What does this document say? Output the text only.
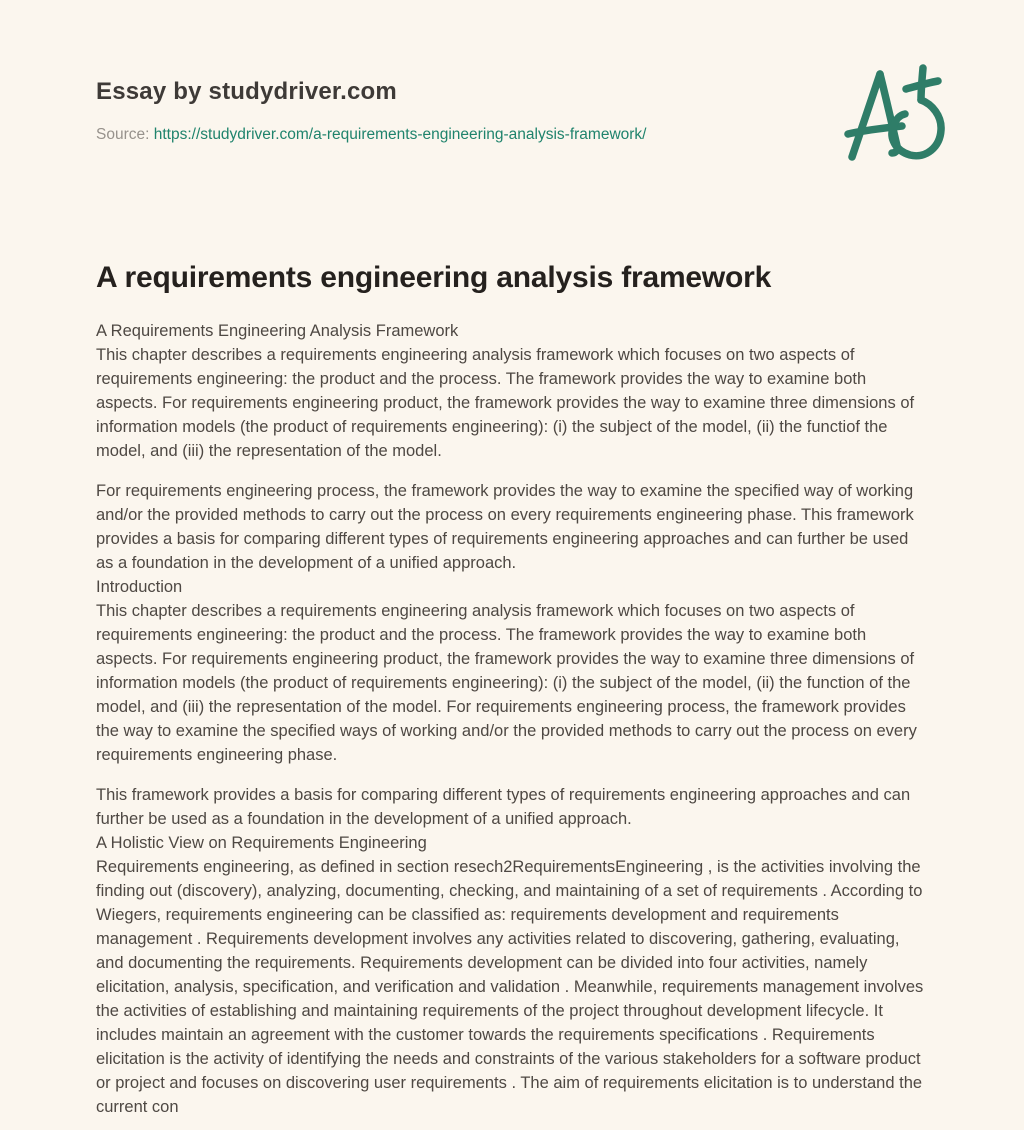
Essay by studydriver.com

Source: https://studydriver.com/a-requirements-engineering-analysis-framework/

A requirements engineering analysis framework

A Requirements Engineering Analysis Framework

This chapter describes a requirements engineering analysis framework which focuses on two aspects of requirements engineering: the product and the process. The framework provides the way to examine both aspects. For requirements engineering product, the framework provides the way to examine three dimensions of information models (the product of requirements engineering): (i) the subject of the model, (ii) the functiof the model, and (iii) the representation of the model.

For requirements engineering process, the framework provides the way to examine the specified way of working and/or the provided methods to carry out the process on every requirements engineering phase. This framework provides a basis for comparing different types of requirements engineering approaches and can further be used as a foundation in the development of a unified approach.

Introduction

This chapter describes a requirements engineering analysis framework which focuses on two aspects of requirements engineering: the product and the process. The framework provides the way to examine both aspects. For requirements engineering product, the framework provides the way to examine three dimensions of information models (the product of requirements engineering): (i) the subject of the model, (ii) the function of the model, and (iii) the representation of the model. For requirements engineering process, the framework provides the way to examine the specified ways of working and/or the provided methods to carry out the process on every requirements engineering phase.

This framework provides a basis for comparing different types of requirements engineering approaches and can further be used as a foundation in the development of a unified approach.

A Holistic View on Requirements Engineering

Requirements engineering, as defined in section resech2RequirementsEngineering , is the activities involving the finding out (discovery), analyzing, documenting, checking, and maintaining of a set of requirements . According to Wiegers, requirements engineering can be classified as: requirements development and requirements management . Requirements development involves any activities related to discovering, gathering, evaluating, and documenting the requirements. Requirements development can be divided into four activities, namely elicitation, analysis, specification, and verification and validation . Meanwhile, requirements management involves the activities of establishing and maintaining requirements of the project throughout development lifecycle. It includes maintain an agreement with the customer towards the requirements specifications . Requirements elicitation is the activity of identifying the needs and constraints of the various stakeholders for a software product or project and focuses on discovering user requirements . The aim of requirements elicitation is to understand the current con
